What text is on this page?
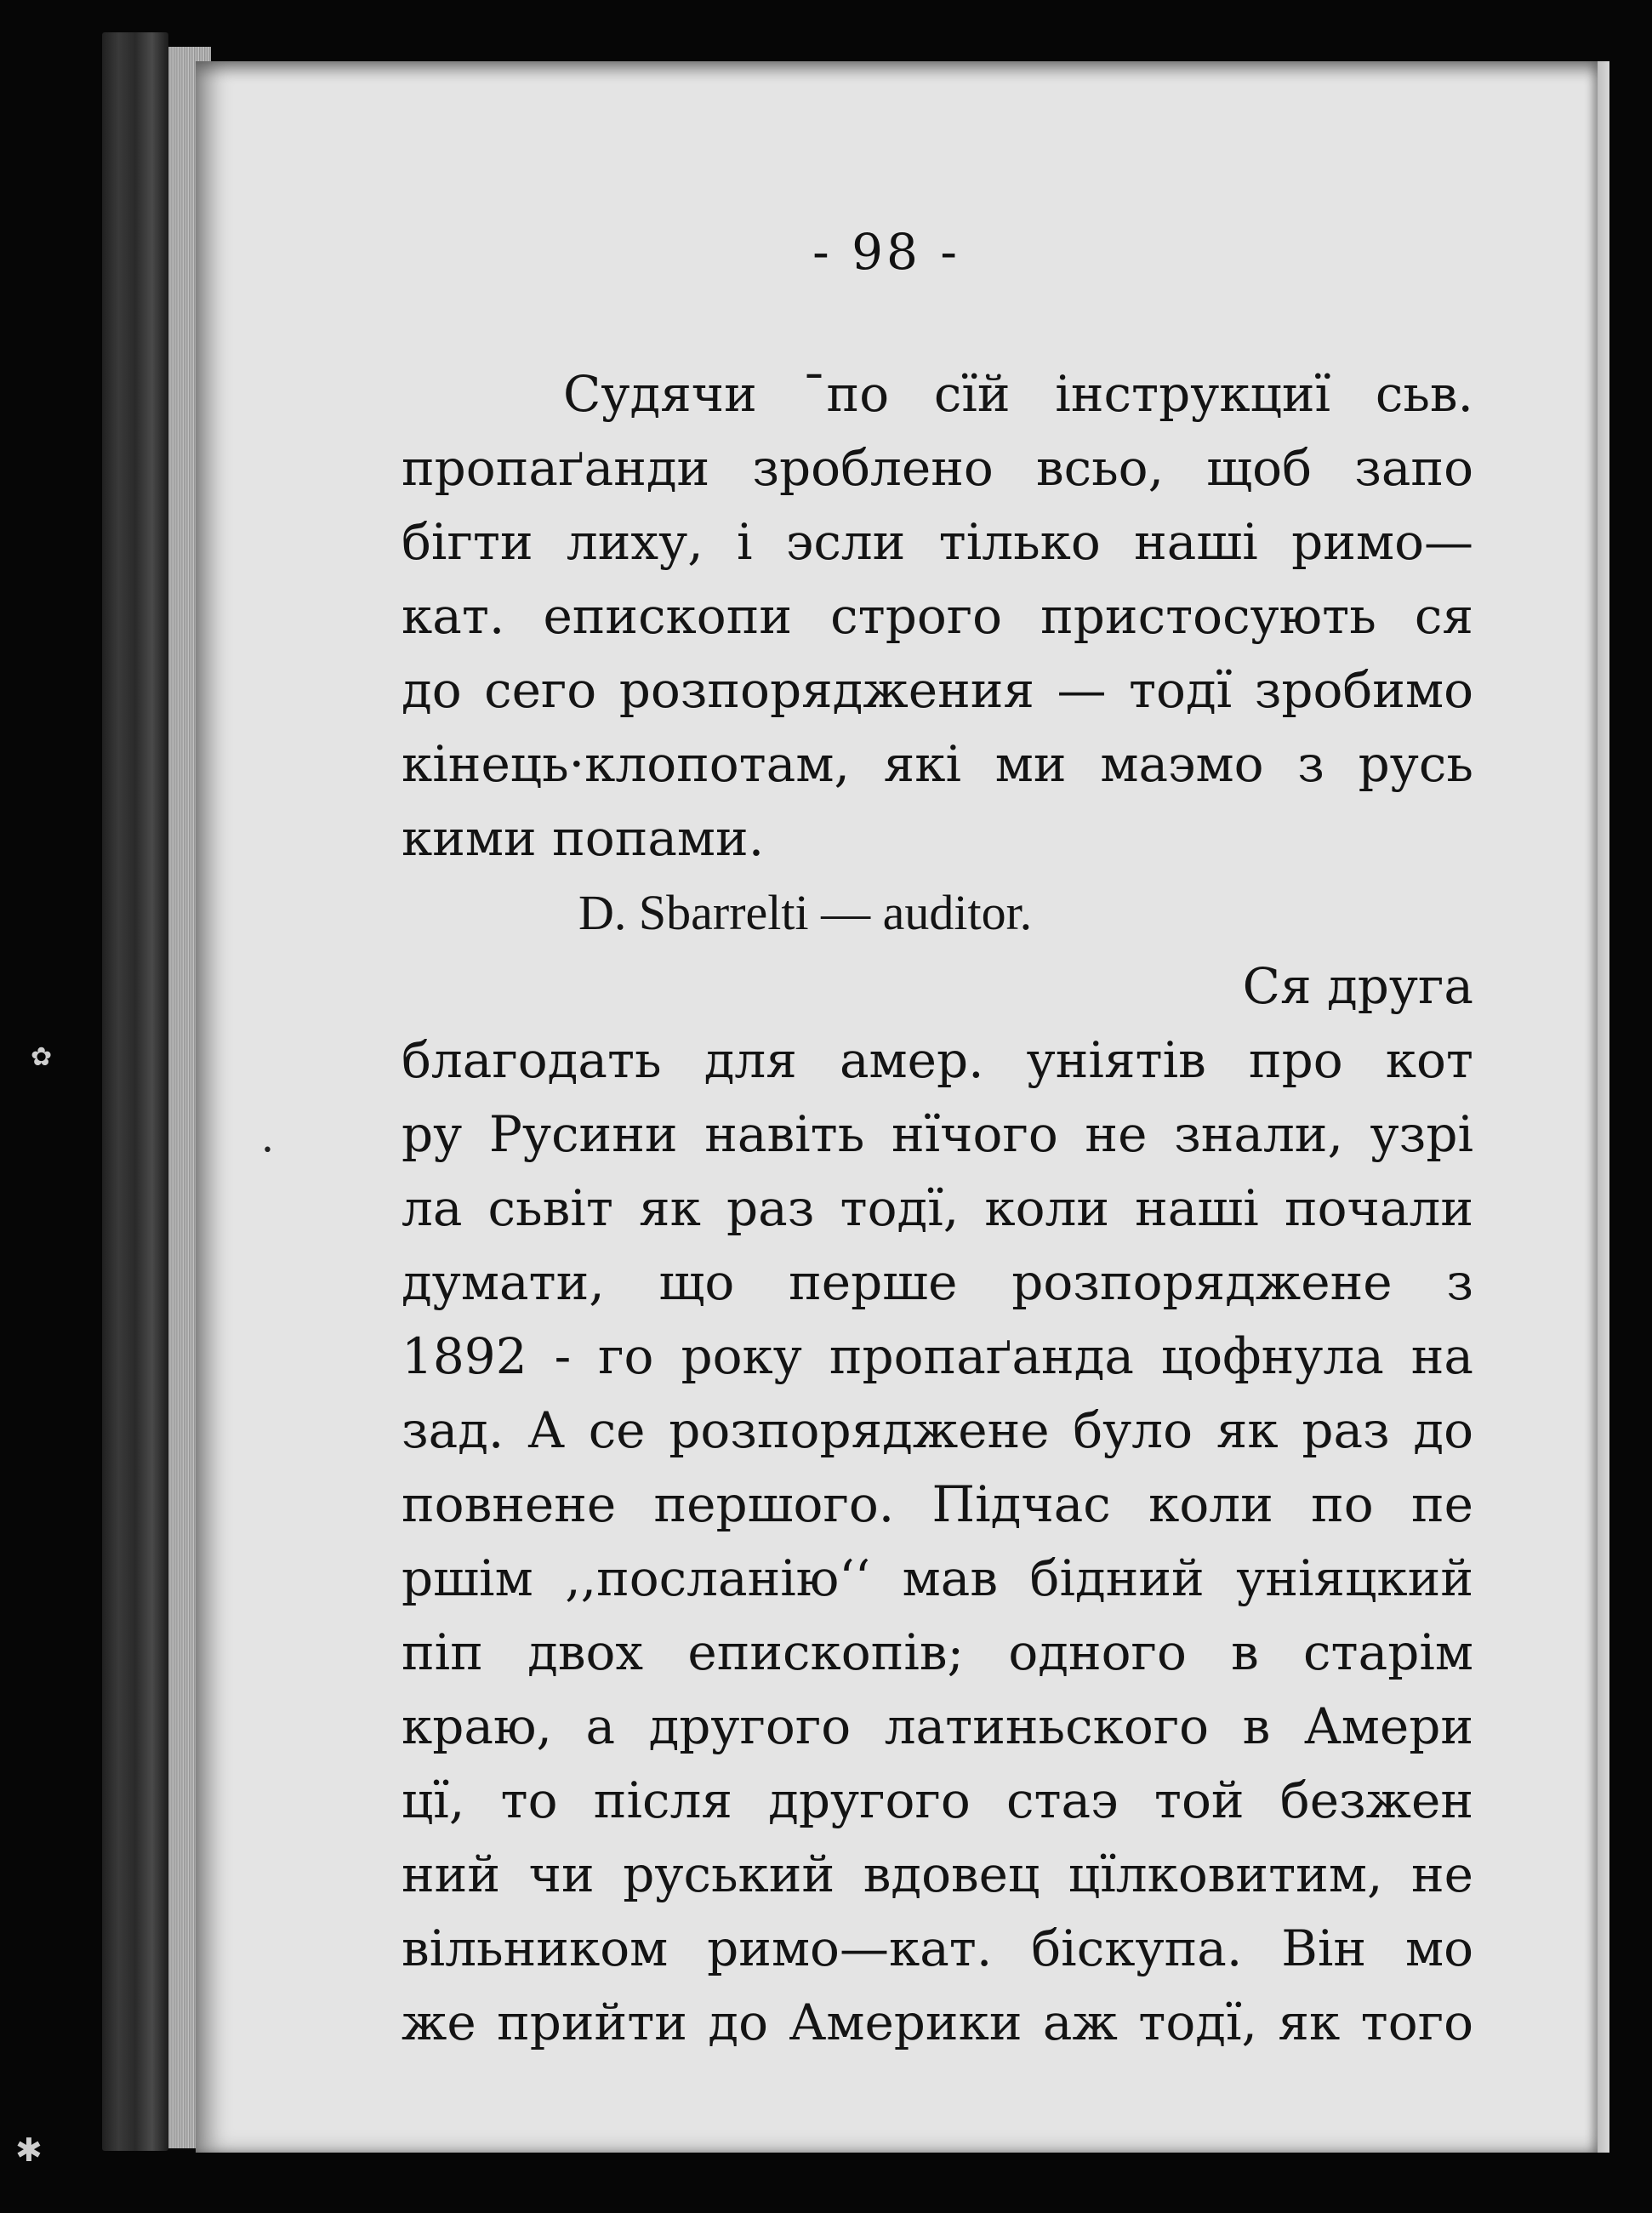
- 98 -
Судячи ¯по сїй інструкциї сьв.
пропаґанди зроблено всьо, щоб запо
бігти лиху, і эсли тілько наші римо—
кат. епископи строго пристосують ся
до сего розпоряджения — тодї зробимо
кінець·клопотам, які ми маэмо з русь
кими попами.
D. Sbarrelti — auditor.
Ся друга
благодать для амер. уніятів про кот
ру Русини навіть нїчого не знали, узрі
ла сьвіт як раз тодї, коли наші почали
думати, що перше розпоряджене з
1892 - го року пропаґанда цофнула на
зад. А се розпоряджене було як раз до
повнене першого. Підчас коли по пе
ршім ,,посланію‘‘ мав бідний уніяцкий
піп двох епископів; одного в старім
краю, а другого латиньского в Амери
цї, то після другого стаэ той безжен
ний чи руський вдовец цїлковитим, не
вільником римо—кат. біскупа. Він мо
же прийти до Америки аж тодї, як того
✿
•
✱
